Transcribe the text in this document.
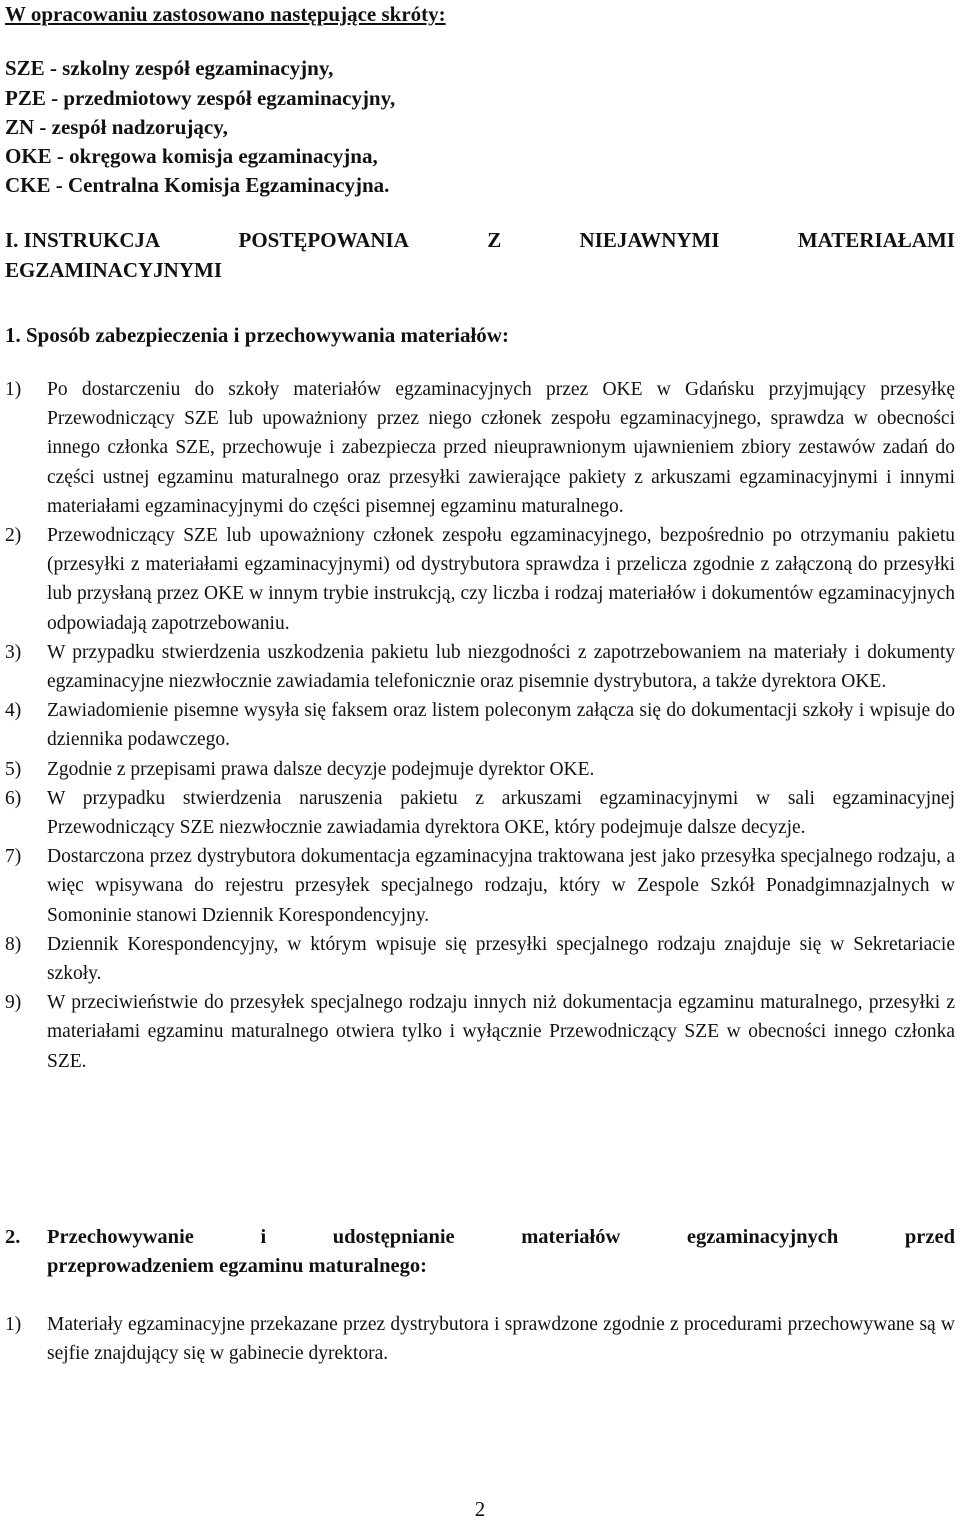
W opracowaniu zastosowano następujące skróty:
SZE - szkolny zespół egzaminacyjny,
PZE - przedmiotowy zespół egzaminacyjny,
ZN - zespół nadzorujący,
OKE - okręgowa komisja egzaminacyjna,
CKE - Centralna Komisja Egzaminacyjna.
I. INSTRUKCJA	POSTĘPOWANIA	Z	NIEJAWNYMI	MATERIAŁAMI
EGZAMINACYJNYMI
1. Sposób zabezpieczenia i przechowywania materiałów:
1)	Po dostarczeniu do szkoły materiałów egzaminacyjnych przez OKE w Gdańsku przyjmujący przesyłkę Przewodniczący SZE lub upoważniony przez niego członek zespołu egzaminacyjnego, sprawdza w obecności innego członka SZE, przechowuje i zabezpiecza przed nieuprawnionym ujawnieniem zbiory zestawów zadań do części ustnej egzaminu maturalnego oraz przesyłki zawierające pakiety z arkuszami egzaminacyjnymi i innymi materiałami egzaminacyjnymi do części pisemnej egzaminu maturalnego.
2)	Przewodniczący SZE lub upoważniony członek zespołu egzaminacyjnego, bezpośrednio po otrzymaniu pakietu (przesyłki z materiałami egzaminacyjnymi) od dystrybutora sprawdza i przelicza zgodnie z załączoną do przesyłki lub przysłaną przez OKE w innym trybie instrukcją, czy liczba i rodzaj materiałów i dokumentów egzaminacyjnych odpowiadają zapotrzebowaniu.
3)	W przypadku stwierdzenia uszkodzenia pakietu lub niezgodności z zapotrzebowaniem na materiały i dokumenty egzaminacyjne niezwłocznie zawiadamia telefonicznie oraz pisemnie dystrybutora, a także dyrektora OKE.
4)	Zawiadomienie pisemne wysyła się faksem oraz listem poleconym załącza się do dokumentacji szkoły i wpisuje do dziennika podawczego.
5)	Zgodnie z przepisami prawa dalsze decyzje podejmuje dyrektor OKE.
6)	W przypadku stwierdzenia naruszenia pakietu z arkuszami egzaminacyjnymi w sali egzaminacyjnej Przewodniczący SZE niezwłocznie zawiadamia dyrektora OKE, który podejmuje dalsze decyzje.
7)	Dostarczona przez dystrybutora dokumentacja egzaminacyjna traktowana jest jako przesyłka specjalnego rodzaju, a więc wpisywana do rejestru przesyłek specjalnego rodzaju, który w Zespole Szkół Ponadgimnazjalnych w Somoninie stanowi Dziennik Korespondencyjny.
8)	Dziennik Korespondencyjny, w którym wpisuje się przesyłki specjalnego rodzaju znajduje się w Sekretariacie szkoły.
9)	W przeciwieństwie do przesyłek specjalnego rodzaju innych niż dokumentacja egzaminu maturalnego, przesyłki z materiałami egzaminu maturalnego otwiera tylko i wyłącznie Przewodniczący SZE w obecności innego członka SZE.
2.	Przechowywanie i udostępnianie materiałów egzaminacyjnych przed
przeprowadzeniem egzaminu maturalnego:
1)	Materiały egzaminacyjne przekazane przez dystrybutora i sprawdzone zgodnie z procedurami przechowywane są w sejfie znajdujący się w gabinecie dyrektora.
2
